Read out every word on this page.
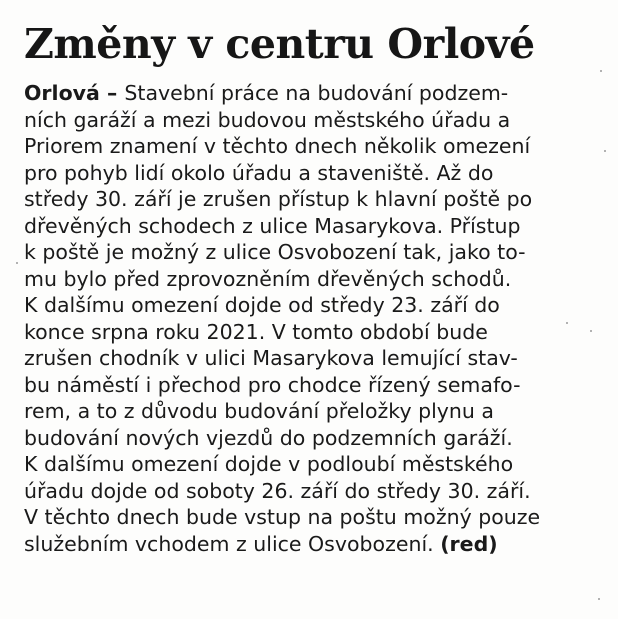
Změny v centru Orlové
Orlová – Stavební práce na budování podzem-
ních garáží a mezi budovou městského úřadu a
Priorem znamení v těchto dnech několik omezení
pro pohyb lidí okolo úřadu a staveniště. Až do
středy 30. září je zrušen přístup k hlavní poště po
dřevěných schodech z ulice Masarykova. Přístup
k poště je možný z ulice Osvobození tak, jako to-
mu bylo před zprovozněním dřevěných schodů.
K dalšímu omezení dojde od středy 23. září do
konce srpna roku 2021. V tomto období bude
zrušen chodník v ulici Masarykova lemující stav-
bu náměstí i přechod pro chodce řízený semafo-
rem, a to z důvodu budování přeložky plynu a
budování nových vjezdů do podzemních garáží.
K dalšímu omezení dojde v podloubí městského
úřadu dojde od soboty 26. září do středy 30. září.
V těchto dnech bude vstup na poštu možný pouze
služebním vchodem z ulice Osvobození. (red)
